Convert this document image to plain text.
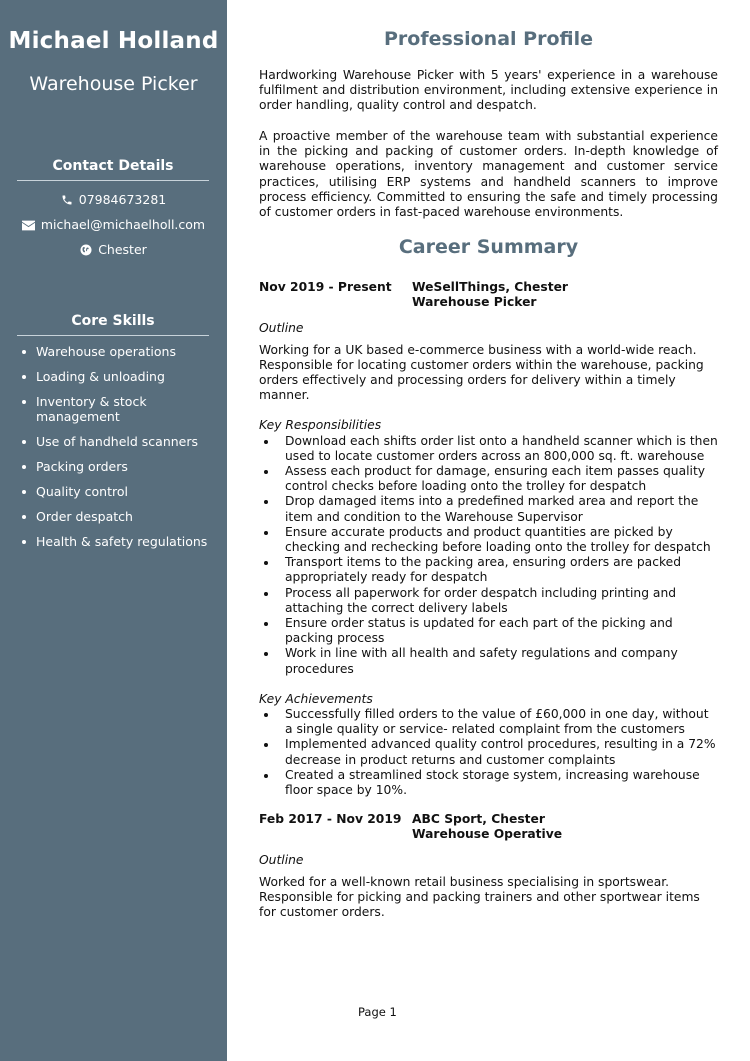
Michael Holland
Warehouse Picker
Contact Details
07984673281
michael@michaelholl.com
Chester
Core Skills
Warehouse operations
Loading & unloading
Inventory & stock management
Use of handheld scanners
Packing orders
Quality control
Order despatch
Health & safety regulations
Professional Profile

Hardworking Warehouse Picker with 5 years' experience in a warehouse fulfilment and distribution environment, including extensive experience in order handling, quality control and despatch.

A proactive member of the warehouse team with substantial experience in the picking and packing of customer orders. In-depth knowledge of warehouse operations, inventory management and customer service practices, utilising ERP systems and handheld scanners to improve process efficiency. Committed to ensuring the safe and timely processing of customer orders in fast-paced warehouse environments.

Career Summary
Nov 2019 - Present	WeSellThings, Chester
Warehouse Picker
Outline
Working for a UK based e-commerce business with a world-wide reach. Responsible for locating customer orders within the warehouse, packing orders effectively and processing orders for delivery within a timely manner.
Key Responsibilities
Download each shifts order list onto a handheld scanner which is then used to locate customer orders across an 800,000 sq. ft. warehouse
Assess each product for damage, ensuring each item passes quality control checks before loading onto the trolley for despatch
Drop damaged items into a predefined marked area and report the item and condition to the Warehouse Supervisor
Ensure accurate products and product quantities are picked by checking and rechecking before loading onto the trolley for despatch
Transport items to the packing area, ensuring orders are packed appropriately ready for despatch
Process all paperwork for order despatch including printing and attaching the correct delivery labels
Ensure order status is updated for each part of the picking and packing process
Work in line with all health and safety regulations and company procedures
Key Achievements
Successfully filled orders to the value of £60,000 in one day, without a single quality or service- related complaint from the customers
Implemented advanced quality control procedures, resulting in a 72% decrease in product returns and customer complaints
Created a streamlined stock storage system, increasing warehouse floor space by 10%.
Feb 2017 - Nov 2019 ABC Sport, Chester
Warehouse Operative
Outline
Worked for a well-known retail business specialising in sportswear. Responsible for picking and packing trainers and other sportwear items for customer orders.
Page 1
